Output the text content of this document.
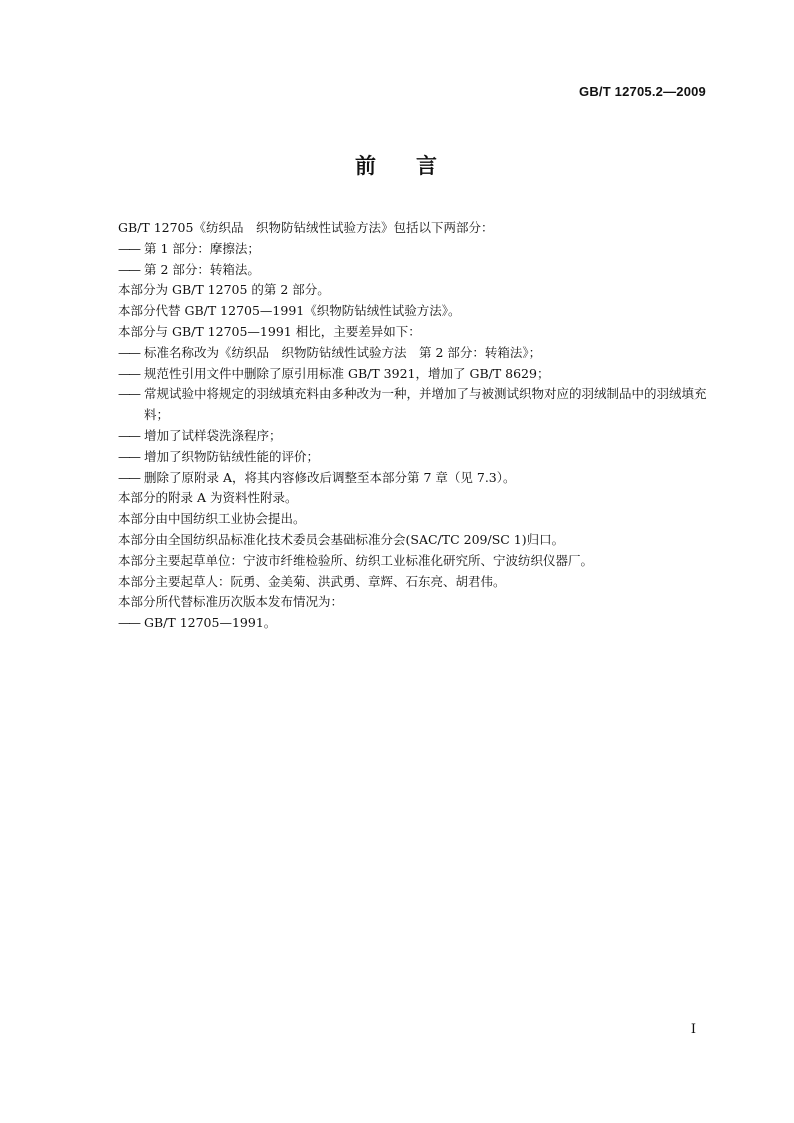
GB/T 12705.2—2009
前 言

GB/T 12705《纺织品　织物防钻绒性试验方法》包括以下两部分：

—— 第 1 部分：摩擦法；

—— 第 2 部分：转箱法。

本部分为 GB/T 12705 的第 2 部分。

本部分代替 GB/T 12705—1991《织物防钻绒性试验方法》。

本部分与 GB/T 12705—1991 相比，主要差异如下：

—— 标准名称改为《纺织品　织物防钻绒性试验方法　第 2 部分：转箱法》；

—— 规范性引用文件中删除了原引用标准 GB/T 3921，增加了 GB/T 8629；

—— 常规试验中将规定的羽绒填充料由多种改为一种，并增加了与被测试织物对应的羽绒制品中的羽绒填充料；

—— 增加了试样袋洗涤程序；

—— 增加了织物防钻绒性能的评价；

—— 删除了原附录 A，将其内容修改后调整至本部分第 7 章（见 7.3）。

本部分的附录 A 为资料性附录。

本部分由中国纺织工业协会提出。

本部分由全国纺织品标准化技术委员会基础标准分会(SAC/TC 209/SC 1)归口。

本部分主要起草单位：宁波市纤维检验所、纺织工业标准化研究所、宁波纺织仪器厂。

本部分主要起草人：阮勇、金美菊、洪武勇、章辉、石东亮、胡君伟。

本部分所代替标准历次版本发布情况为：

—— GB/T 12705—1991。

I
